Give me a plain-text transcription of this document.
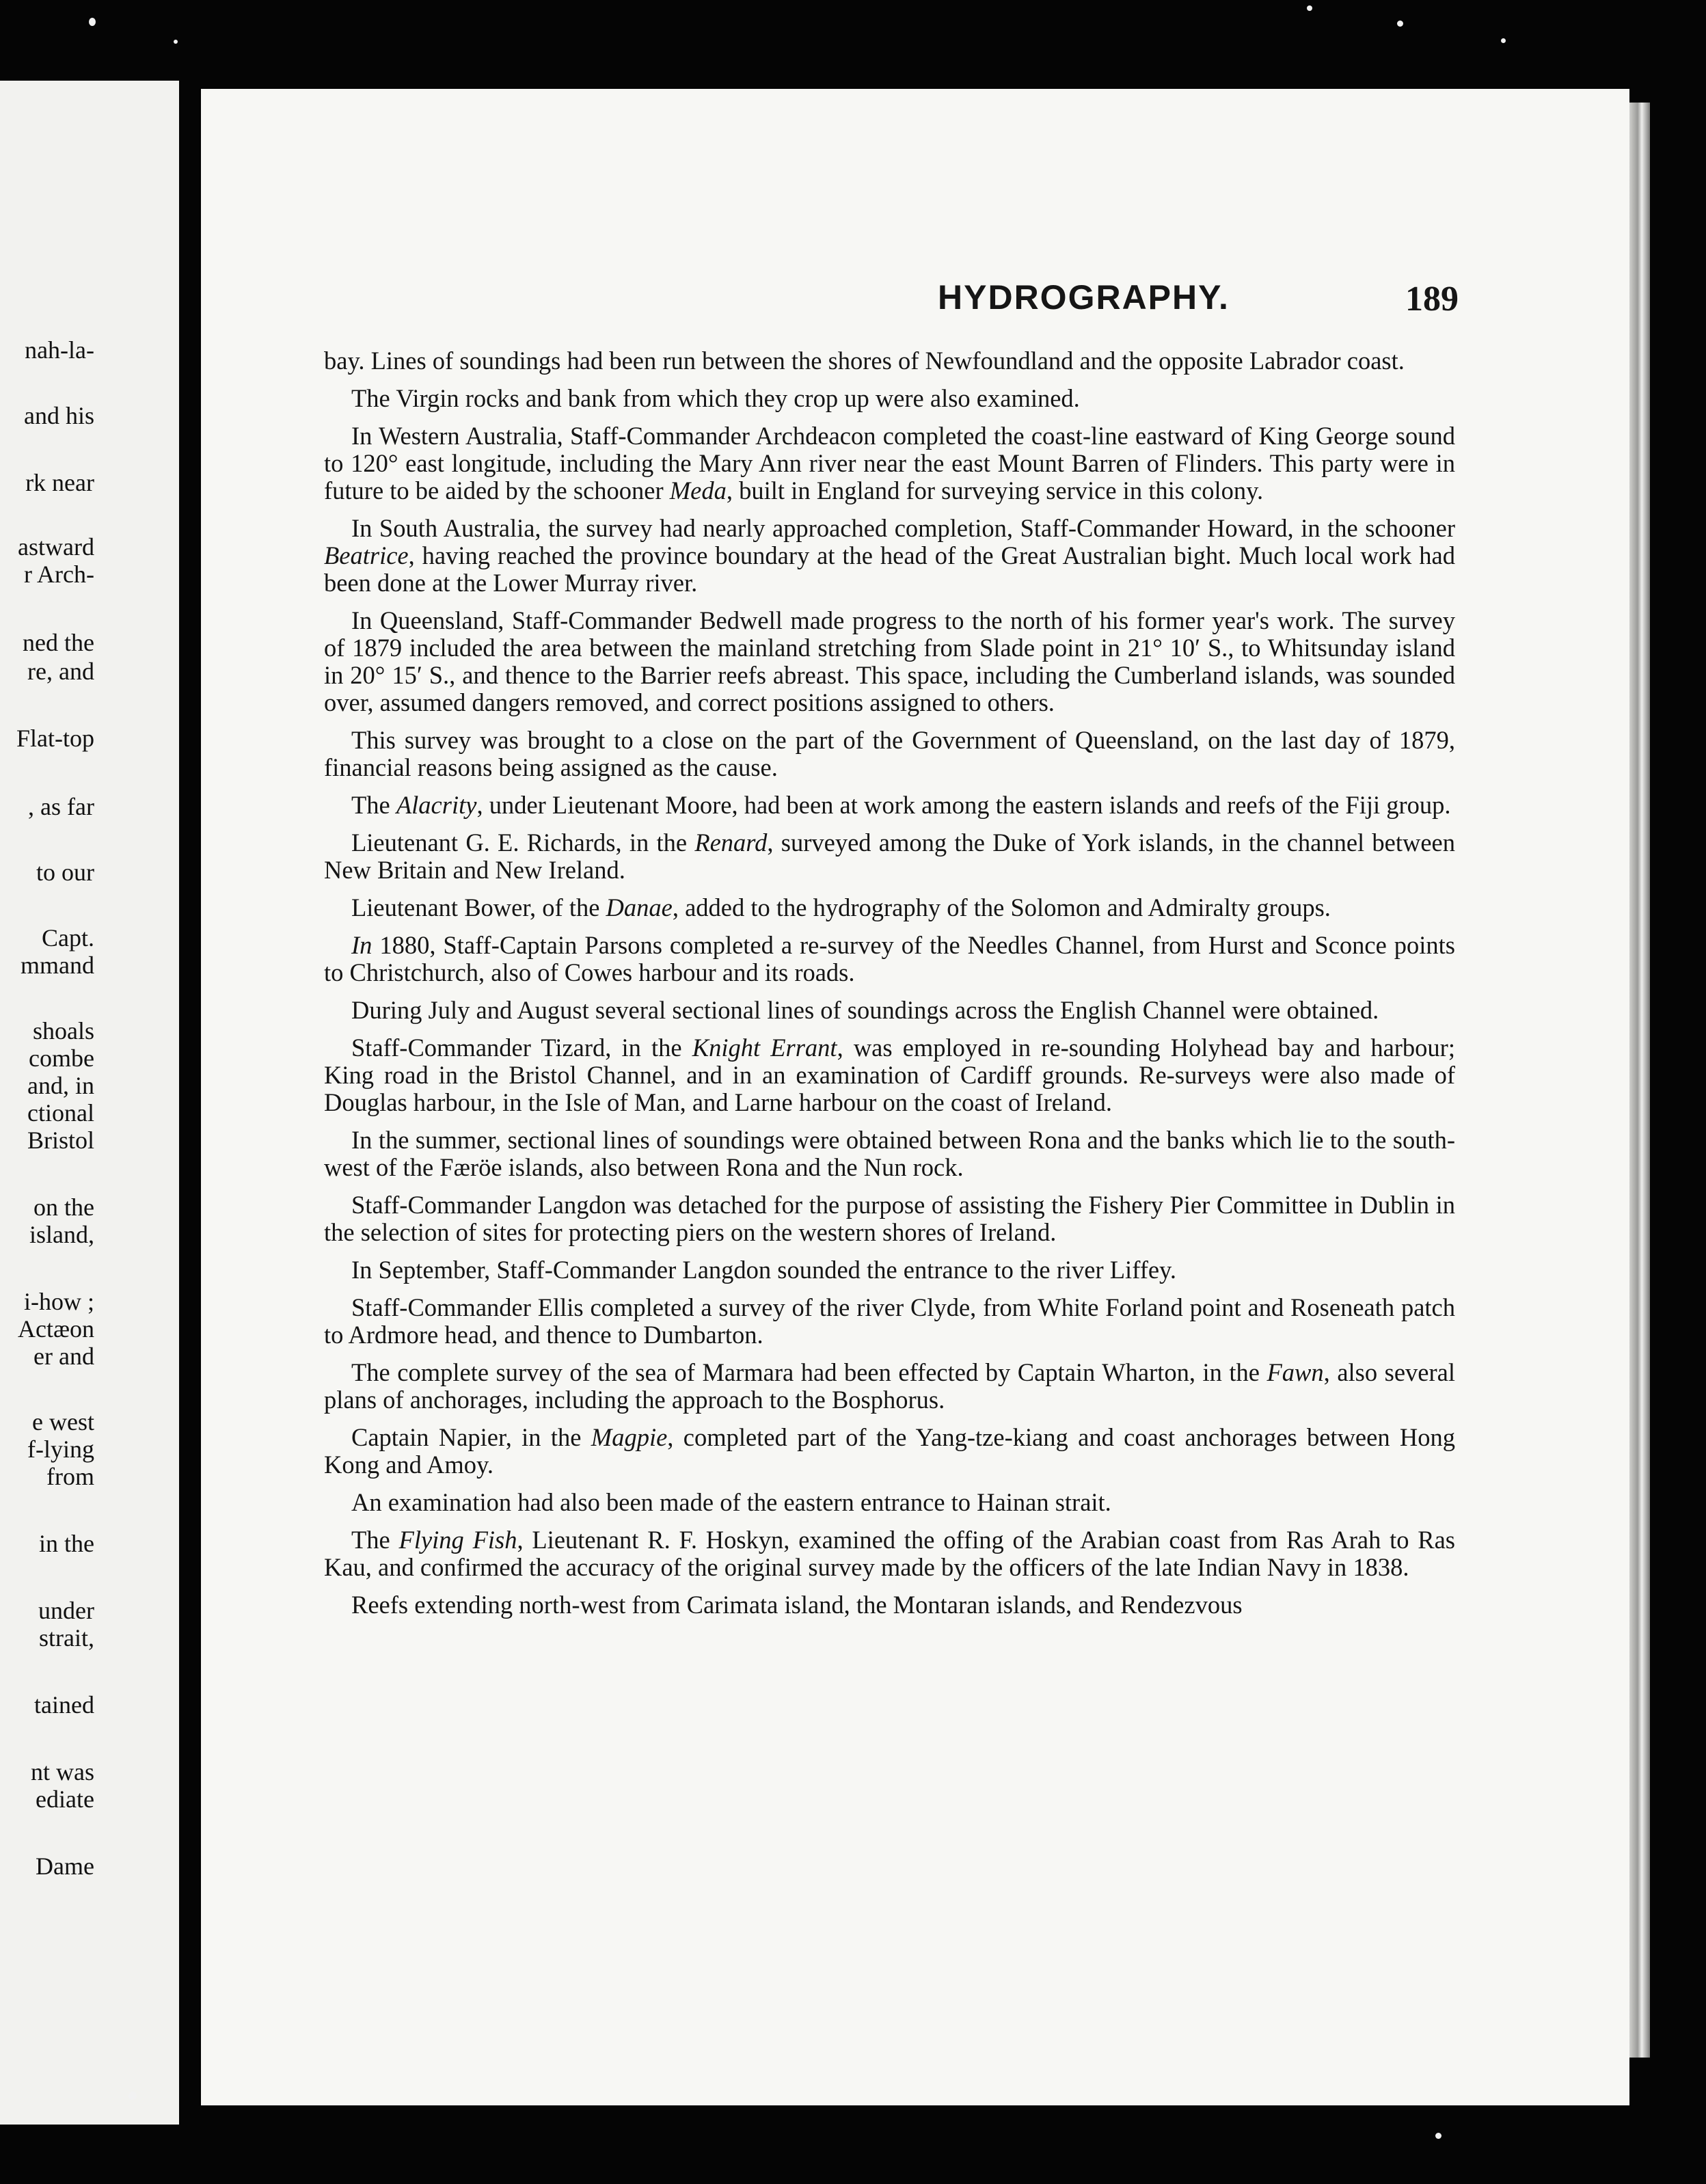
nah-la-
and his
rk near
astward
r Arch-
ned the
re, and
Flat-top
, as far
to our
Capt.
mmand
shoals
combe
and, in
ctional
Bristol
on the
island,
i-how ;
Actæon
er and
e west
f-lying
from
in the
under
strait,
tained
nt was
ediate
Dame
HYDROGRAPHY.	189

bay. Lines of soundings had been run between the shores of Newfoundland and the opposite Labrador coast.

The Virgin rocks and bank from which they crop up were also examined.

In Western Australia, Staff-Commander Archdeacon completed the coast-line eastward of King George sound to 120° east longitude, including the Mary Ann river near the east Mount Barren of Flinders. This party were in future to be aided by the schooner Meda, built in England for surveying service in this colony.

In South Australia, the survey had nearly approached completion, Staff-Commander Howard, in the schooner Beatrice, having reached the province boundary at the head of the Great Australian bight. Much local work had been done at the Lower Murray river.

In Queensland, Staff-Commander Bedwell made progress to the north of his former year's work. The survey of 1879 included the area between the mainland stretching from Slade point in 21° 10′ S., to Whitsunday island in 20° 15′ S., and thence to the Barrier reefs abreast. This space, including the Cumberland islands, was sounded over, assumed dangers removed, and correct positions assigned to others.

This survey was brought to a close on the part of the Government of Queensland, on the last day of 1879, financial reasons being assigned as the cause.

The Alacrity, under Lieutenant Moore, had been at work among the eastern islands and reefs of the Fiji group.

Lieutenant G. E. Richards, in the Renard, surveyed among the Duke of York islands, in the channel between New Britain and New Ireland.

Lieutenant Bower, of the Danae, added to the hydrography of the Solomon and Admiralty groups.

In 1880, Staff-Captain Parsons completed a re-survey of the Needles Channel, from Hurst and Sconce points to Christchurch, also of Cowes harbour and its roads.

During July and August several sectional lines of soundings across the English Channel were obtained.

Staff-Commander Tizard, in the Knight Errant, was employed in re-sounding Holyhead bay and harbour; King road in the Bristol Channel, and in an examination of Cardiff grounds. Re-surveys were also made of Douglas harbour, in the Isle of Man, and Larne harbour on the coast of Ireland.

In the summer, sectional lines of soundings were obtained between Rona and the banks which lie to the south-west of the Færöe islands, also between Rona and the Nun rock.

Staff-Commander Langdon was detached for the purpose of assisting the Fishery Pier Committee in Dublin in the selection of sites for protecting piers on the western shores of Ireland.

In September, Staff-Commander Langdon sounded the entrance to the river Liffey.

Staff-Commander Ellis completed a survey of the river Clyde, from White Forland point and Roseneath patch to Ardmore head, and thence to Dumbarton.

The complete survey of the sea of Marmara had been effected by Captain Wharton, in the Fawn, also several plans of anchorages, including the approach to the Bosphorus.

Captain Napier, in the Magpie, completed part of the Yang-tze-kiang and coast anchorages between Hong Kong and Amoy.

An examination had also been made of the eastern entrance to Hainan strait.

The Flying Fish, Lieutenant R. F. Hoskyn, examined the offing of the Arabian coast from Ras Arah to Ras Kau, and confirmed the accuracy of the original survey made by the officers of the late Indian Navy in 1838.

Reefs extending north-west from Carimata island, the Montaran islands, and Rendezvous
